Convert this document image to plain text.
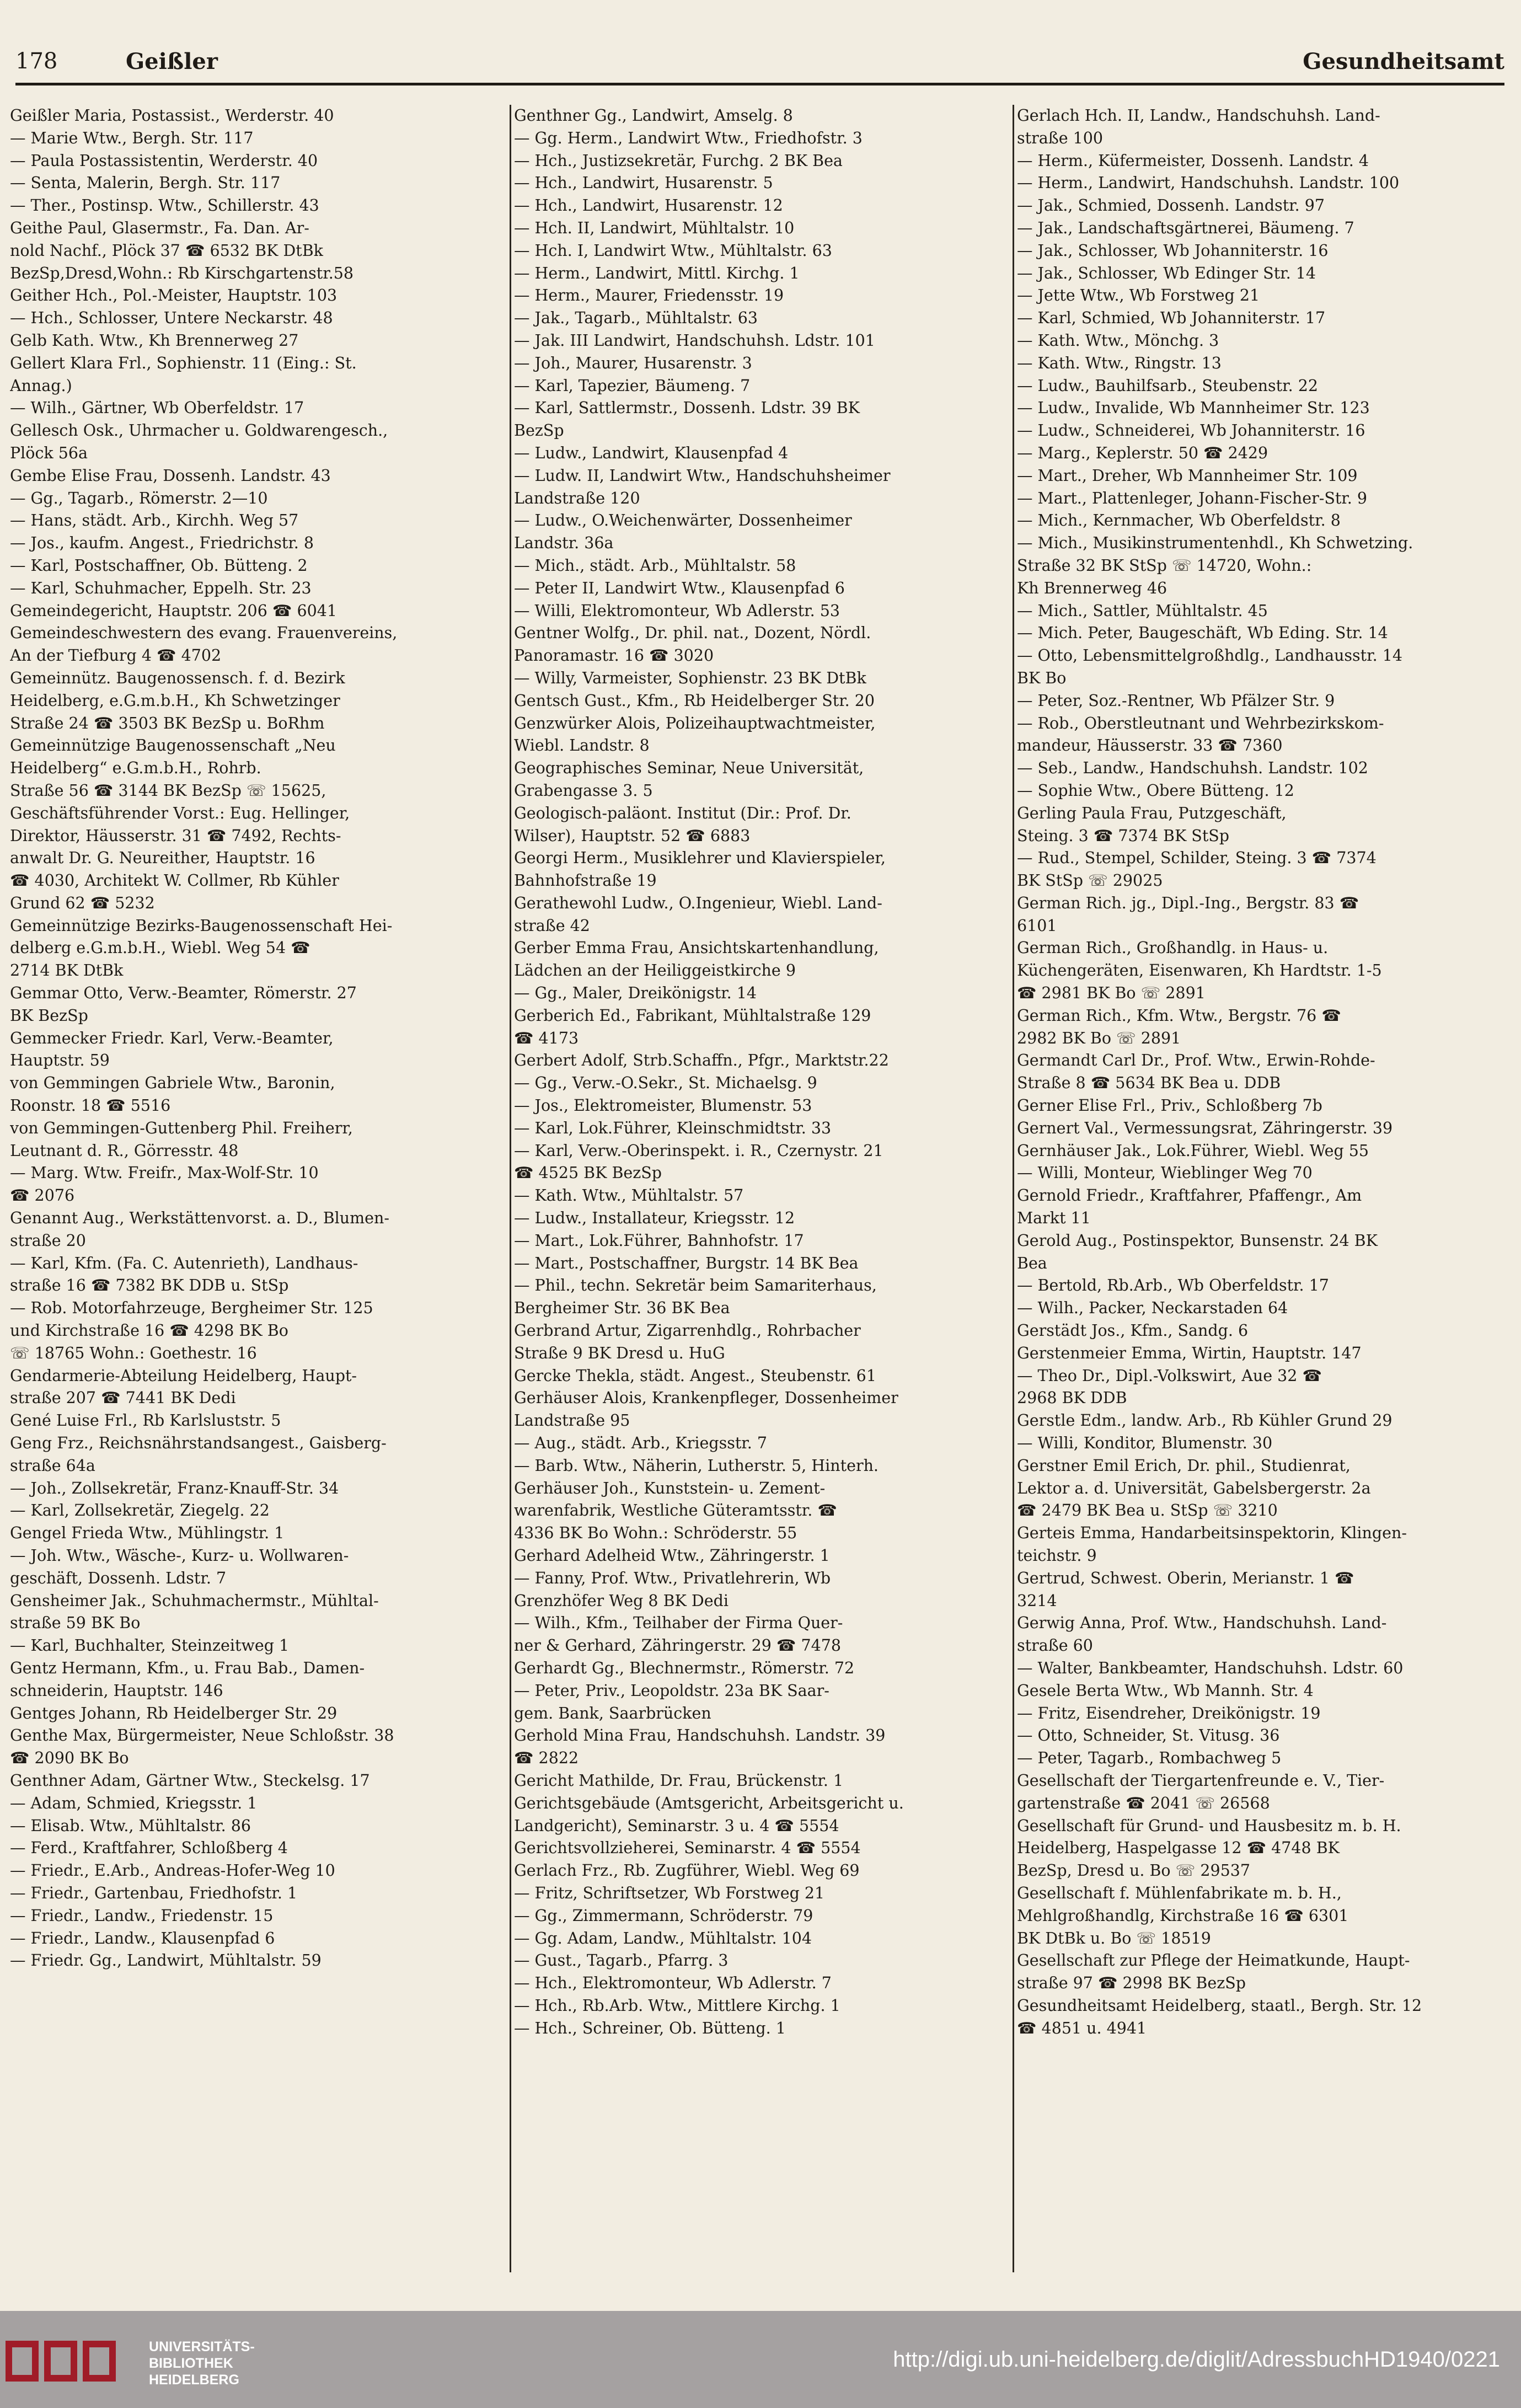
178	Geißler	Gesundheitsamt
Geißler Maria, Postassist., Werderstr. 40
— Marie Wtw., Bergh. Str. 117
— Paula Postassistentin, Werderstr. 40
— Senta, Malerin, Bergh. Str. 117
— Ther., Postinsp. Wtw., Schillerstr. 43
Geithe Paul, Glasermstr., Fa. Dan. Ar-
nold Nachf., Plöck 37 ☎ 6532 BK DtBk
BezSp,Dresd,Wohn.: Rb Kirschgartenstr.58
Geither Hch., Pol.-Meister, Hauptstr. 103
— Hch., Schlosser, Untere Neckarstr. 48
Gelb Kath. Wtw., Kh Brennerweg 27
Gellert Klara Frl., Sophienstr. 11 (Eing.: St.
Annag.)
— Wilh., Gärtner, Wb Oberfeldstr. 17
Gellesch Osk., Uhrmacher u. Goldwarengesch.,
Plöck 56a
Gembe Elise Frau, Dossenh. Landstr. 43
— Gg., Tagarb., Römerstr. 2—10
— Hans, städt. Arb., Kirchh. Weg 57
— Jos., kaufm. Angest., Friedrichstr. 8
— Karl, Postschaffner, Ob. Bütteng. 2
— Karl, Schuhmacher, Eppelh. Str. 23
Gemeindegericht, Hauptstr. 206 ☎ 6041
Gemeindeschwestern des evang. Frauenvereins,
An der Tiefburg 4 ☎ 4702
Gemeinnütz. Baugenossensch. f. d. Bezirk
Heidelberg, e.G.m.b.H., Kh Schwetzinger
Straße 24 ☎ 3503 BK BezSp u. BoRhm
Gemeinnützige Baugenossenschaft „Neu
Heidelberg“ e.G.m.b.H., Rohrb.
Straße 56 ☎ 3144 BK BezSp ☏ 15625,
Geschäftsführender Vorst.: Eug. Hellinger,
Direktor, Häusserstr. 31 ☎ 7492, Rechts-
anwalt Dr. G. Neureither, Hauptstr. 16
☎ 4030, Architekt W. Collmer, Rb Kühler
Grund 62 ☎ 5232
Gemeinnützige Bezirks-Baugenossenschaft Hei-
delberg e.G.m.b.H., Wiebl. Weg 54 ☎
2714 BK DtBk
Gemmar Otto, Verw.-Beamter, Römerstr. 27
BK BezSp
Gemmecker Friedr. Karl, Verw.-Beamter,
Hauptstr. 59
von Gemmingen Gabriele Wtw., Baronin,
Roonstr. 18 ☎ 5516
von Gemmingen-Guttenberg Phil. Freiherr,
Leutnant d. R., Görresstr. 48
— Marg. Wtw. Freifr., Max-Wolf-Str. 10
☎ 2076
Genannt Aug., Werkstättenvorst. a. D., Blumen-
straße 20
— Karl, Kfm. (Fa. C. Autenrieth), Landhaus-
straße 16 ☎ 7382 BK DDB u. StSp
— Rob. Motorfahrzeuge, Bergheimer Str. 125
und Kirchstraße 16 ☎ 4298 BK Bo
☏ 18765 Wohn.: Goethestr. 16
Gendarmerie-Abteilung Heidelberg, Haupt-
straße 207 ☎ 7441 BK Dedi
Gené Luise Frl., Rb Karlsluststr. 5
Geng Frz., Reichsnährstandsangest., Gaisberg-
straße 64a
— Joh., Zollsekretär, Franz-Knauff-Str. 34
— Karl, Zollsekretär, Ziegelg. 22
Gengel Frieda Wtw., Mühlingstr. 1
— Joh. Wtw., Wäsche-, Kurz- u. Wollwaren-
geschäft, Dossenh. Ldstr. 7
Gensheimer Jak., Schuhmachermstr., Mühltal-
straße 59 BK Bo
— Karl, Buchhalter, Steinzeitweg 1
Gentz Hermann, Kfm., u. Frau Bab., Damen-
schneiderin, Hauptstr. 146
Gentges Johann, Rb Heidelberger Str. 29
Genthe Max, Bürgermeister, Neue Schloßstr. 38
☎ 2090 BK Bo
Genthner Adam, Gärtner Wtw., Steckelsg. 17
— Adam, Schmied, Kriegsstr. 1
— Elisab. Wtw., Mühltalstr. 86
— Ferd., Kraftfahrer, Schloßberg 4
— Friedr., E.Arb., Andreas-Hofer-Weg 10
— Friedr., Gartenbau, Friedhofstr. 1
— Friedr., Landw., Friedenstr. 15
— Friedr., Landw., Klausenpfad 6
— Friedr. Gg., Landwirt, Mühltalstr. 59
Genthner Gg., Landwirt, Amselg. 8
— Gg. Herm., Landwirt Wtw., Friedhofstr. 3
— Hch., Justizsekretär, Furchg. 2 BK Bea
— Hch., Landwirt, Husarenstr. 5
— Hch., Landwirt, Husarenstr. 12
— Hch. II, Landwirt, Mühltalstr. 10
— Hch. I, Landwirt Wtw., Mühltalstr. 63
— Herm., Landwirt, Mittl. Kirchg. 1
— Herm., Maurer, Friedensstr. 19
— Jak., Tagarb., Mühltalstr. 63
— Jak. III Landwirt, Handschuhsh. Ldstr. 101
— Joh., Maurer, Husarenstr. 3
— Karl, Tapezier, Bäumeng. 7
— Karl, Sattlermstr., Dossenh. Ldstr. 39 BK
BezSp
— Ludw., Landwirt, Klausenpfad 4
— Ludw. II, Landwirt Wtw., Handschuhsheimer
Landstraße 120
— Ludw., O.Weichenwärter, Dossenheimer
Landstr. 36a
— Mich., städt. Arb., Mühltalstr. 58
— Peter II, Landwirt Wtw., Klausenpfad 6
— Willi, Elektromonteur, Wb Adlerstr. 53
Gentner Wolfg., Dr. phil. nat., Dozent, Nördl.
Panoramastr. 16 ☎ 3020
— Willy, Varmeister, Sophienstr. 23 BK DtBk
Gentsch Gust., Kfm., Rb Heidelberger Str. 20
Genzwürker Alois, Polizeihauptwachtmeister,
Wiebl. Landstr. 8
Geographisches Seminar, Neue Universität,
Grabengasse 3. 5
Geologisch-paläont. Institut (Dir.: Prof. Dr.
Wilser), Hauptstr. 52 ☎ 6883
Georgi Herm., Musiklehrer und Klavierspieler,
Bahnhofstraße 19
Gerathewohl Ludw., O.Ingenieur, Wiebl. Land-
straße 42
Gerber Emma Frau, Ansichtskartenhandlung,
Lädchen an der Heiliggeistkirche 9
— Gg., Maler, Dreikönigstr. 14
Gerberich Ed., Fabrikant, Mühltalstraße 129
☎ 4173
Gerbert Adolf, Strb.Schaffn., Pfgr., Marktstr.22
— Gg., Verw.-O.Sekr., St. Michaelsg. 9
— Jos., Elektromeister, Blumenstr. 53
— Karl, Lok.Führer, Kleinschmidtstr. 33
— Karl, Verw.-Oberinspekt. i. R., Czernystr. 21
☎ 4525 BK BezSp
— Kath. Wtw., Mühltalstr. 57
— Ludw., Installateur, Kriegsstr. 12
— Mart., Lok.Führer, Bahnhofstr. 17
— Mart., Postschaffner, Burgstr. 14 BK Bea
— Phil., techn. Sekretär beim Samariterhaus,
Bergheimer Str. 36 BK Bea
Gerbrand Artur, Zigarrenhdlg., Rohrbacher
Straße 9 BK Dresd u. HuG
Gercke Thekla, städt. Angest., Steubenstr. 61
Gerhäuser Alois, Krankenpfleger, Dossenheimer
Landstraße 95
— Aug., städt. Arb., Kriegsstr. 7
— Barb. Wtw., Näherin, Lutherstr. 5, Hinterh.
Gerhäuser Joh., Kunststein- u. Zement-
warenfabrik, Westliche Güteramtsstr. ☎
4336 BK Bo Wohn.: Schröderstr. 55
Gerhard Adelheid Wtw., Zähringerstr. 1
— Fanny, Prof. Wtw., Privatlehrerin, Wb
Grenzhöfer Weg 8 BK Dedi
— Wilh., Kfm., Teilhaber der Firma Quer-
ner & Gerhard, Zähringerstr. 29 ☎ 7478
Gerhardt Gg., Blechnermstr., Römerstr. 72
— Peter, Priv., Leopoldstr. 23a BK Saar-
gem. Bank, Saarbrücken
Gerhold Mina Frau, Handschuhsh. Landstr. 39
☎ 2822
Gericht Mathilde, Dr. Frau, Brückenstr. 1
Gerichtsgebäude (Amtsgericht, Arbeitsgericht u.
Landgericht), Seminarstr. 3 u. 4 ☎ 5554
Gerichtsvollzieherei, Seminarstr. 4 ☎ 5554
Gerlach Frz., Rb. Zugführer, Wiebl. Weg 69
— Fritz, Schriftsetzer, Wb Forstweg 21
— Gg., Zimmermann, Schröderstr. 79
— Gg. Adam, Landw., Mühltalstr. 104
— Gust., Tagarb., Pfarrg. 3
— Hch., Elektromonteur, Wb Adlerstr. 7
— Hch., Rb.Arb. Wtw., Mittlere Kirchg. 1
— Hch., Schreiner, Ob. Bütteng. 1
Gerlach Hch. II, Landw., Handschuhsh. Land-
straße 100
— Herm., Küfermeister, Dossenh. Landstr. 4
— Herm., Landwirt, Handschuhsh. Landstr. 100
— Jak., Schmied, Dossenh. Landstr. 97
— Jak., Landschaftsgärtnerei, Bäumeng. 7
— Jak., Schlosser, Wb Johanniterstr. 16
— Jak., Schlosser, Wb Edinger Str. 14
— Jette Wtw., Wb Forstweg 21
— Karl, Schmied, Wb Johanniterstr. 17
— Kath. Wtw., Mönchg. 3
— Kath. Wtw., Ringstr. 13
— Ludw., Bauhilfsarb., Steubenstr. 22
— Ludw., Invalide, Wb Mannheimer Str. 123
— Ludw., Schneiderei, Wb Johanniterstr. 16
— Marg., Keplerstr. 50 ☎ 2429
— Mart., Dreher, Wb Mannheimer Str. 109
— Mart., Plattenleger, Johann-Fischer-Str. 9
— Mich., Kernmacher, Wb Oberfeldstr. 8
— Mich., Musikinstrumentenhdl., Kh Schwetzing.
Straße 32 BK StSp ☏ 14720, Wohn.:
Kh Brennerweg 46
— Mich., Sattler, Mühltalstr. 45
— Mich. Peter, Baugeschäft, Wb Eding. Str. 14
— Otto, Lebensmittelgroßhdlg., Landhausstr. 14
BK Bo
— Peter, Soz.-Rentner, Wb Pfälzer Str. 9
— Rob., Oberstleutnant und Wehrbezirkskom-
mandeur, Häusserstr. 33 ☎ 7360
— Seb., Landw., Handschuhsh. Landstr. 102
— Sophie Wtw., Obere Bütteng. 12
Gerling Paula Frau, Putzgeschäft,
Steing. 3 ☎ 7374 BK StSp
— Rud., Stempel, Schilder, Steing. 3 ☎ 7374
BK StSp ☏ 29025
German Rich. jg., Dipl.-Ing., Bergstr. 83 ☎
6101
German Rich., Großhandlg. in Haus- u.
Küchengeräten, Eisenwaren, Kh Hardtstr. 1-5
☎ 2981 BK Bo ☏ 2891
German Rich., Kfm. Wtw., Bergstr. 76 ☎
2982 BK Bo ☏ 2891
Germandt Carl Dr., Prof. Wtw., Erwin-Rohde-
Straße 8 ☎ 5634 BK Bea u. DDB
Gerner Elise Frl., Priv., Schloßberg 7b
Gernert Val., Vermessungsrat, Zähringerstr. 39
Gernhäuser Jak., Lok.Führer, Wiebl. Weg 55
— Willi, Monteur, Wieblinger Weg 70
Gernold Friedr., Kraftfahrer, Pfaffengr., Am
Markt 11
Gerold Aug., Postinspektor, Bunsenstr. 24 BK
Bea
— Bertold, Rb.Arb., Wb Oberfeldstr. 17
— Wilh., Packer, Neckarstaden 64
Gerstädt Jos., Kfm., Sandg. 6
Gerstenmeier Emma, Wirtin, Hauptstr. 147
— Theo Dr., Dipl.-Volkswirt, Aue 32 ☎
2968 BK DDB
Gerstle Edm., landw. Arb., Rb Kühler Grund 29
— Willi, Konditor, Blumenstr. 30
Gerstner Emil Erich, Dr. phil., Studienrat,
Lektor a. d. Universität, Gabelsbergerstr. 2a
☎ 2479 BK Bea u. StSp ☏ 3210
Gerteis Emma, Handarbeitsinspektorin, Klingen-
teichstr. 9
Gertrud, Schwest. Oberin, Merianstr. 1 ☎
3214
Gerwig Anna, Prof. Wtw., Handschuhsh. Land-
straße 60
— Walter, Bankbeamter, Handschuhsh. Ldstr. 60
Gesele Berta Wtw., Wb Mannh. Str. 4
— Fritz, Eisendreher, Dreikönigstr. 19
— Otto, Schneider, St. Vitusg. 36
— Peter, Tagarb., Rombachweg 5
Gesellschaft der Tiergartenfreunde e. V., Tier-
gartenstraße ☎ 2041 ☏ 26568
Gesellschaft für Grund- und Hausbesitz m. b. H.
Heidelberg, Haspelgasse 12 ☎ 4748 BK
BezSp, Dresd u. Bo ☏ 29537
Gesellschaft f. Mühlenfabrikate m. b. H.,
Mehlgroßhandlg, Kirchstraße 16 ☎ 6301
BK DtBk u. Bo ☏ 18519
Gesellschaft zur Pflege der Heimatkunde, Haupt-
straße 97 ☎ 2998 BK BezSp
Gesundheitsamt Heidelberg, staatl., Bergh. Str. 12
☎ 4851 u. 4941
UNIVERSITÄTS-
BIBLIOTHEK
HEIDELBERG
http://digi.ub.uni-heidelberg.de/diglit/AdressbuchHD1940/0221
